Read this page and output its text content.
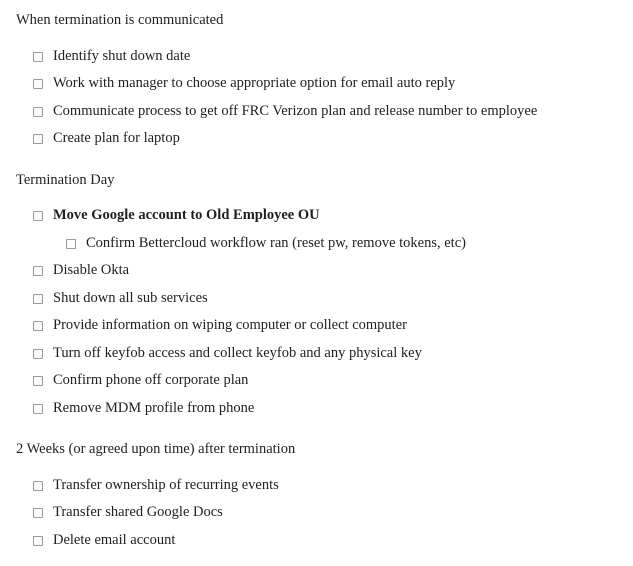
When termination is communicated
Identify shut down date
Work with manager to choose appropriate option for email auto reply
Communicate process to get off FRC Verizon plan and release number to employee
Create plan for laptop
Termination Day
Move Google account to Old Employee OU
Confirm Bettercloud workflow ran (reset pw, remove tokens, etc)
Disable Okta
Shut down all sub services
Provide information on wiping computer or collect computer
Turn off keyfob access and collect keyfob and any physical key
Confirm phone off corporate plan
Remove MDM profile from phone
2 Weeks (or agreed upon time) after termination
Transfer ownership of recurring events
Transfer shared Google Docs
Delete email account
